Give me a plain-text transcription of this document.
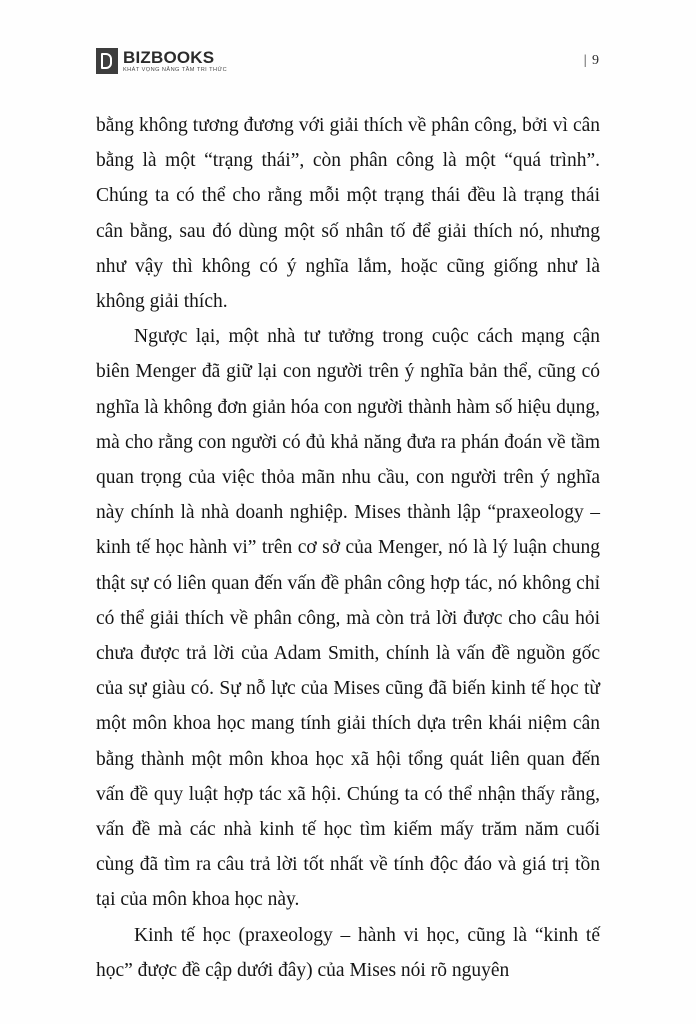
BIZBOOKS
KHÁT VỌNG NÂNG TẦM TRI THỨC
| 9

bằng không tương đương với giải thích về phân công, bởi vì cân bằng là một “trạng thái”, còn phân công là một “quá trình”. Chúng ta có thể cho rằng mỗi một trạng thái đều là trạng thái cân bằng, sau đó dùng một số nhân tố để giải thích nó, nhưng như vậy thì không có ý nghĩa lắm, hoặc cũng giống như là không giải thích.

Ngược lại, một nhà tư tưởng trong cuộc cách mạng cận biên Menger đã giữ lại con người trên ý nghĩa bản thể, cũng có nghĩa là không đơn giản hóa con người thành hàm số hiệu dụng, mà cho rằng con người có đủ khả năng đưa ra phán đoán về tầm quan trọng của việc thỏa mãn nhu cầu, con người trên ý nghĩa này chính là nhà doanh nghiệp. Mises thành lập “praxeology – kinh tế học hành vi” trên cơ sở của Menger, nó là lý luận chung thật sự có liên quan đến vấn đề phân công hợp tác, nó không chỉ có thể giải thích về phân công, mà còn trả lời được cho câu hỏi chưa được trả lời của Adam Smith, chính là vấn đề nguồn gốc của sự giàu có. Sự nỗ lực của Mises cũng đã biến kinh tế học từ một môn khoa học mang tính giải thích dựa trên khái niệm cân bằng thành một môn khoa học xã hội tổng quát liên quan đến vấn đề quy luật hợp tác xã hội. Chúng ta có thể nhận thấy rằng, vấn đề mà các nhà kinh tế học tìm kiếm mấy trăm năm cuối cùng đã tìm ra câu trả lời tốt nhất về tính độc đáo và giá trị tồn tại của môn khoa học này.

Kinh tế học (praxeology – hành vi học, cũng là “kinh tế học” được đề cập dưới đây) của Mises nói rõ nguyên
